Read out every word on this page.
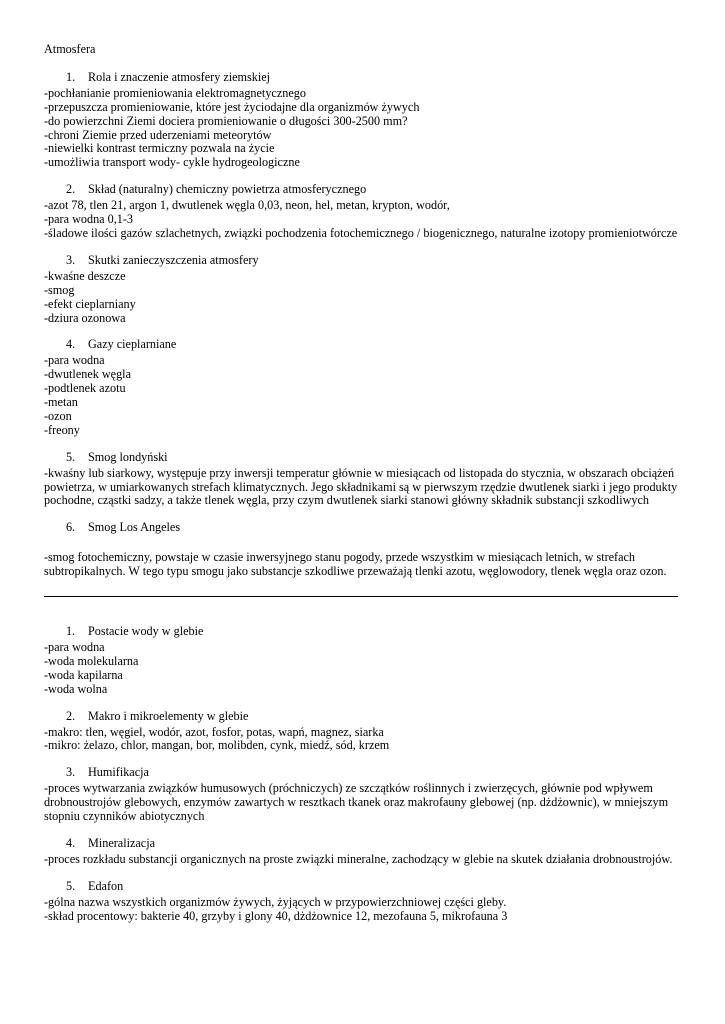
Atmosfera
1. Rola i znaczenie atmosfery ziemskiej
-pochłanianie promieniowania elektromagnetycznego
-przepuszcza promieniowanie, które jest życiodajne dla organizmów żywych
-do powierzchni Ziemi dociera promieniowanie o długości 300-2500 mm?
-chroni Ziemie przed uderzeniami meteorytów
-niewielki kontrast termiczny pozwala na życie
-umożliwia transport wody- cykle hydrogeologiczne
2. Skład (naturalny) chemiczny powietrza atmosferycznego
-azot 78, tlen 21, argon 1, dwutlenek węgla 0,03, neon, hel, metan, krypton, wodór,
-para wodna 0,1-3
-śladowe ilości gazów szlachetnych, związki pochodzenia fotochemicznego / biogenicznego, naturalne izotopy promieniotwórcze
3. Skutki zanieczyszczenia atmosfery
-kwaśne deszcze
-smog
-efekt cieplarniany
-dziura ozonowa
4. Gazy cieplarniane
-para wodna
-dwutlenek węgla
-podtlenek azotu
-metan
-ozon
-freony
5. Smog londyński
-kwaśny lub siarkowy, występuje przy inwersji temperatur głównie w miesiącach od listopada do stycznia, w obszarach obciążeń
powietrza, w umiarkowanych strefach klimatycznych. Jego składnikami są w pierwszym rzędzie dwutlenek siarki i jego produkty
pochodne, cząstki sadzy, a także tlenek węgla, przy czym dwutlenek siarki stanowi główny składnik substancji szkodliwych
6. Smog Los Angeles
-smog fotochemiczny, powstaje w czasie inwersyjnego stanu pogody, przede wszystkim w miesiącach letnich, w strefach
subtropikalnych. W tego typu smogu jako substancje szkodliwe przeważają tlenki azotu, węglowodory, tlenek węgla oraz ozon.
1. Postacie wody w glebie
-para wodna
-woda molekularna
-woda kapilarna
-woda wolna
2. Makro i mikroelementy w glebie
-makro: tlen, węgiel, wodór, azot, fosfor, potas, wapń, magnez, siarka
-mikro: żelazo, chlor, mangan, bor, molibden, cynk, miedź, sód, krzem
3. Humifikacja
-proces wytwarzania związków humusowych (próchniczych) ze szczątków roślinnych i zwierzęcych, głównie pod wpływem
drobnoustrojów glebowych, enzymów zawartych w resztkach tkanek oraz makrofauny glebowej (np. dżdżownic), w mniejszym
stopniu czynników abiotycznych
4. Mineralizacja
-proces rozkładu substancji organicznych na proste związki mineralne, zachodzący w glebie na skutek działania drobnoustrojów.
5. Edafon
-gólna nazwa wszystkich organizmów żywych, żyjących w przypowierzchniowej części gleby.
-skład procentowy: bakterie 40, grzyby i glony 40, dżdżownice 12, mezofauna 5, mikrofauna 3
